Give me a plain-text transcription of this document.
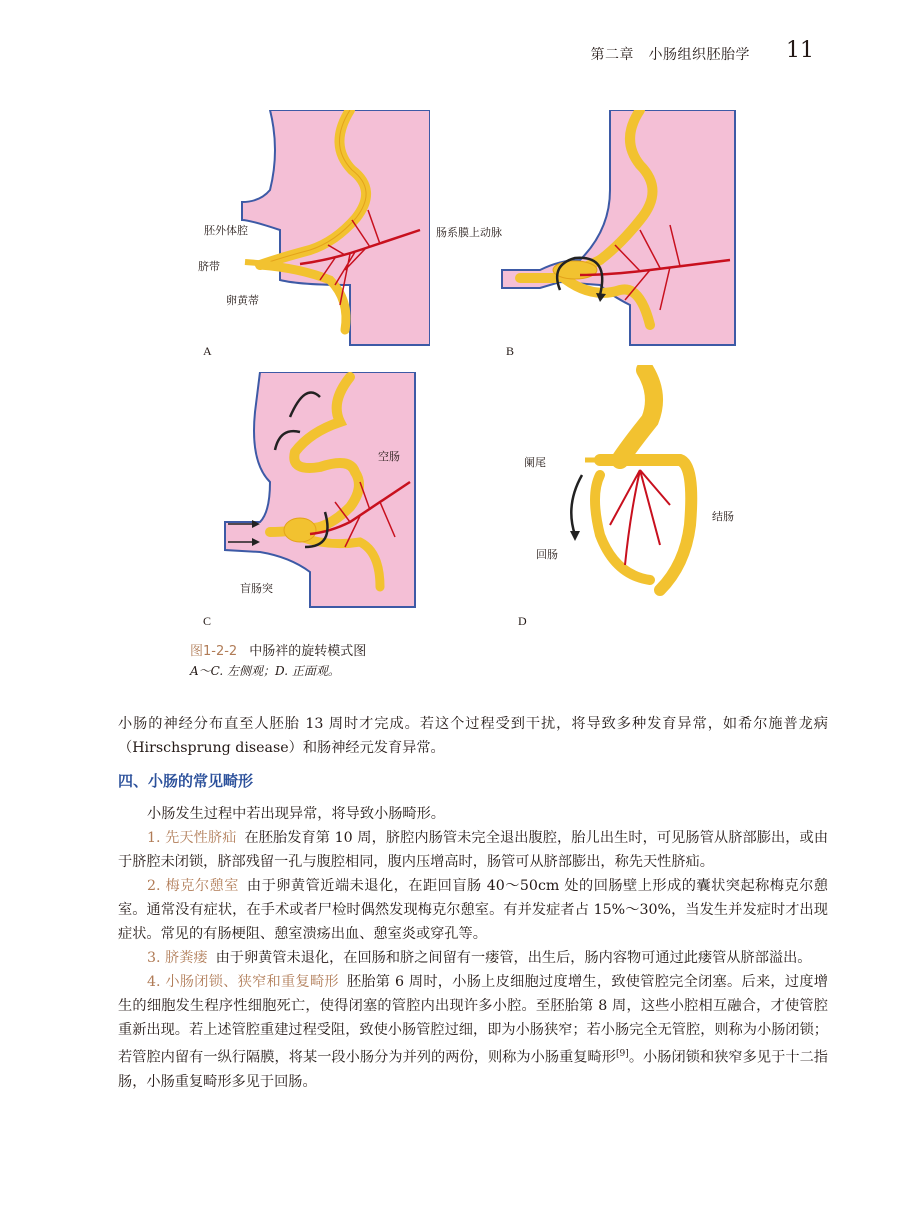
第二章　小肠组织胚胎学 11
胚外体腔
脐带
卵黄蒂
肠系膜上动脉
A	B
空肠
盲肠突
C
阑尾
结肠
回肠
D
图1-2-2 中肠袢的旋转模式图
A～C. 左侧观；D. 正面观。

小肠的神经分布直至人胚胎 13 周时才完成。若这个过程受到干扰，将导致多种发育异常，如希尔施普龙病（Hirschsprung disease）和肠神经元发育异常。

四、小肠的常见畸形

小肠发生过程中若出现异常，将导致小肠畸形。

1. 先天性脐疝 在胚胎发育第 10 周，脐腔内肠管未完全退出腹腔，胎儿出生时，可见肠管从脐部膨出，或由于脐腔未闭锁，脐部残留一孔与腹腔相同，腹内压增高时，肠管可从脐部膨出，称先天性脐疝。

2. 梅克尔憩室 由于卵黄管近端未退化，在距回盲肠 40～50cm 处的回肠壁上形成的囊状突起称梅克尔憩室。通常没有症状，在手术或者尸检时偶然发现梅克尔憩室。有并发症者占 15%～30%，当发生并发症时才出现症状。常见的有肠梗阻、憩室溃疡出血、憩室炎或穿孔等。

3. 脐粪瘘 由于卵黄管未退化，在回肠和脐之间留有一瘘管，出生后，肠内容物可通过此瘘管从脐部溢出。

4. 小肠闭锁、狭窄和重复畸形 胚胎第 6 周时，小肠上皮细胞过度增生，致使管腔完全闭塞。后来，过度增生的细胞发生程序性细胞死亡，使得闭塞的管腔内出现许多小腔。至胚胎第 8 周，这些小腔相互融合，才使管腔重新出现。若上述管腔重建过程受阻，致使小肠管腔过细，即为小肠狭窄；若小肠完全无管腔，则称为小肠闭锁；若管腔内留有一纵行隔膜，将某一段小肠分为并列的两份，则称为小肠重复畸形[9]。小肠闭锁和狭窄多见于十二指肠，小肠重复畸形多见于回肠。
